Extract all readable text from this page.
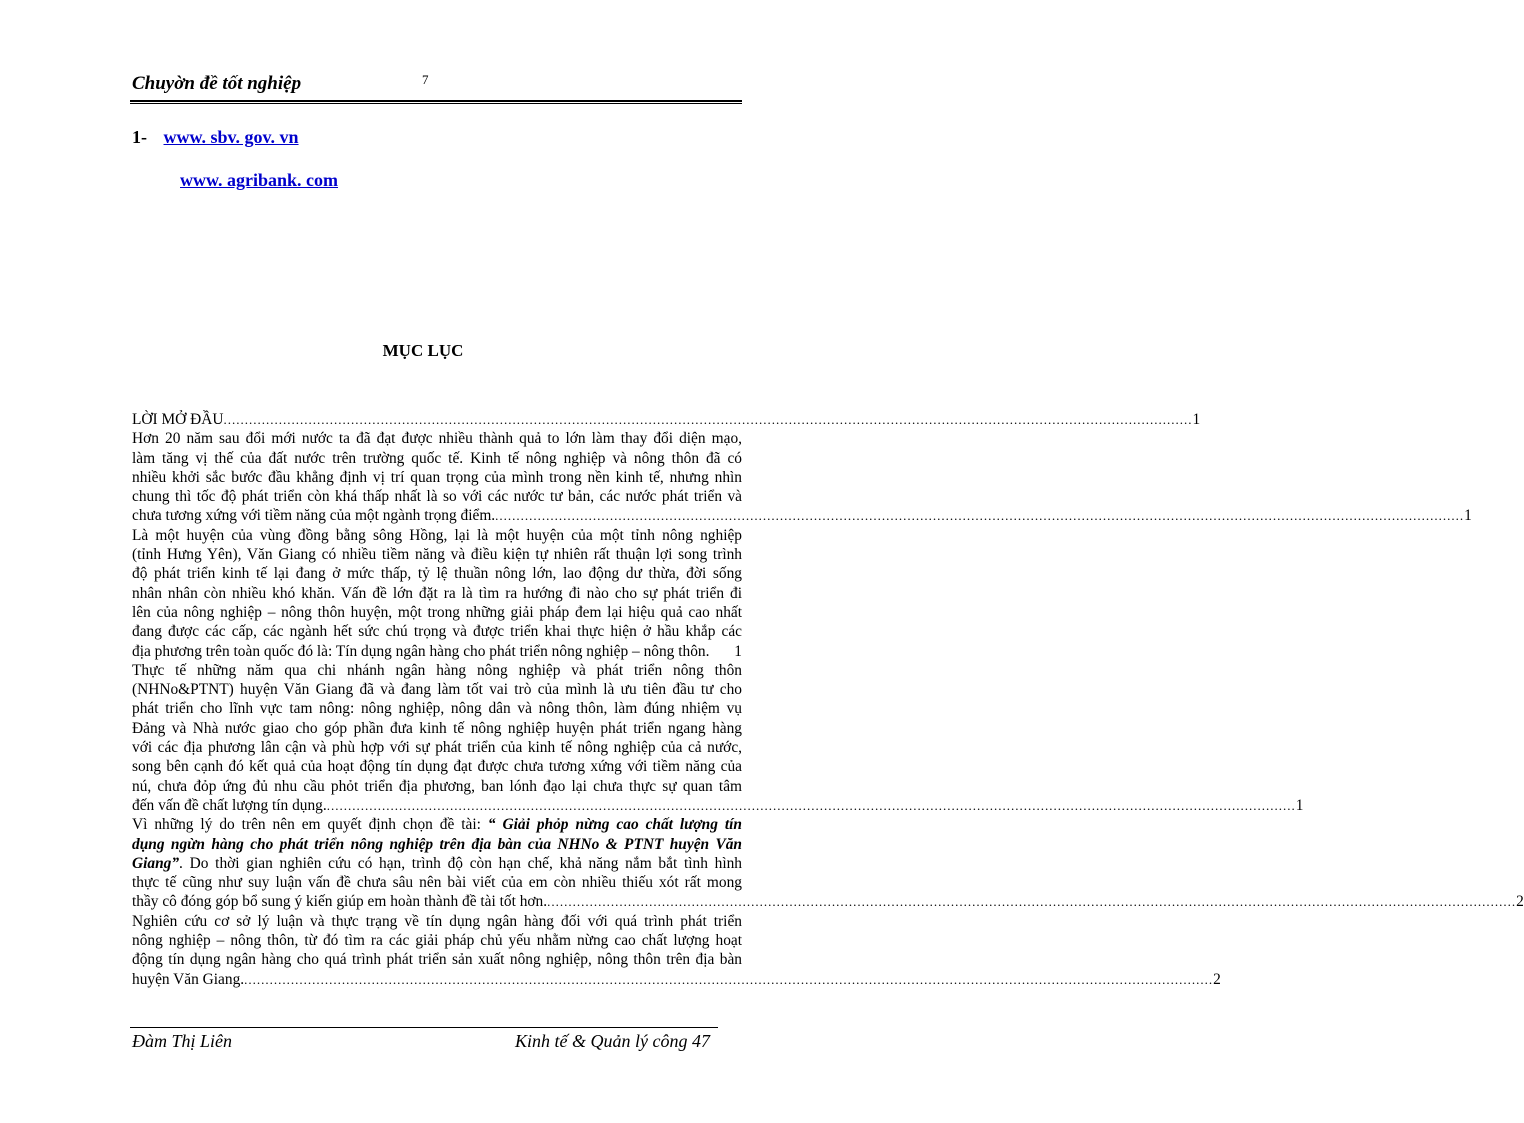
Chuyờn đề tốt nghiệp	7
1- www. sbv. gov. vn
www. agribank. com
MỤC LỤC
LỜI MỞ ĐẦU .................................................................................................................................................................................................................................... 1
Hơn 20 năm sau đổi mới nước ta đã đạt được nhiều thành quả to lớn làm thay đổi diện mạo,
làm tăng vị thế của đất nước trên trường quốc tế. Kinh tế nông nghiệp và nông thôn đã có
nhiều khởi sắc bước đầu khẳng định vị trí quan trọng của mình trong nền kinh tế, nhưng nhìn
chung thì tốc độ phát triển còn khá thấp nhất là so với các nước tư bản, các nước phát triển và
chưa tương xứng với tiềm năng của một ngành trọng điểm. .................................................................................................................................................................................................................................... 1
Là một huyện của vùng đồng bằng sông Hồng, lại là một huyện của một tỉnh nông nghiệp
(tỉnh Hưng Yên), Văn Giang có nhiều tiềm năng và điều kiện tự nhiên rất thuận lợi song trình
độ phát triển kinh tế lại đang ở mức thấp, tỷ lệ thuần nông lớn, lao động dư thừa, đời sống
nhân nhân còn nhiều khó khăn. Vấn đề lớn đặt ra là tìm ra hướng đi nào cho sự phát triển đi
lên của nông nghiệp – nông thôn huyện, một trong những giải pháp đem lại hiệu quả cao nhất
đang được các cấp, các ngành hết sức chú trọng và được triển khai thực hiện ở hầu khắp các
địa phương trên toàn quốc đó là: Tín dụng ngân hàng cho phát triển nông nghiệp – nông thôn. 1
Thực tế những năm qua chi nhánh ngân hàng nông nghiệp và phát triển nông thôn
(NHNo&PTNT) huyện Văn Giang đã và đang làm tốt vai trò của mình là ưu tiên đầu tư cho
phát triển cho lĩnh vực tam nông: nông nghiệp, nông dân và nông thôn, làm đúng nhiệm vụ
Đảng và Nhà nước giao cho góp phần đưa kinh tế nông nghiệp huyện phát triển ngang hàng
với các địa phương lân cận và phù hợp với sự phát triển của kinh tế nông nghiệp của cả nước,
song bên cạnh đó kết quả của hoạt động tín dụng đạt được chưa tương xứng với tiềm năng của
nú, chưa đỏp ứng đủ nhu cầu phỏt triển địa phương, ban lónh đạo lại chưa thực sự quan tâm
đến vấn đề chất lượng tín dụng. .................................................................................................................................................................................................................................... 1
Vì những lý do trên nên em quyết định chọn đề tài: “ Giải phỏp nừng cao chất lượng tín
dụng ngừn hàng cho phát triển nông nghiệp trên địa bàn của NHNo & PTNT huyện Văn
Giang”. Do thời gian nghiên cứu có hạn, trình độ còn hạn chế, khả năng nắm bắt tình hình
thực tế cũng như suy luận vấn đề chưa sâu nên bài viết của em còn nhiều thiếu xót rất mong
thầy cô đóng góp bổ sung ý kiến giúp em hoàn thành đề tài tốt hơn. .................................................................................................................................................................................................................................... 2
Nghiên cứu cơ sở lý luận và thực trạng về tín dụng ngân hàng đối với quá trình phát triển
nông nghiệp – nông thôn, từ đó tìm ra các giải pháp chủ yếu nhằm nừng cao chất lượng hoạt
động tín dụng ngân hàng cho quá trình phát triển sản xuất nông nghiệp, nông thôn trên địa bàn
huyện Văn Giang. .................................................................................................................................................................................................................................... 2
Đàm Thị Liên	Kinh tế & Quản lý công 47
